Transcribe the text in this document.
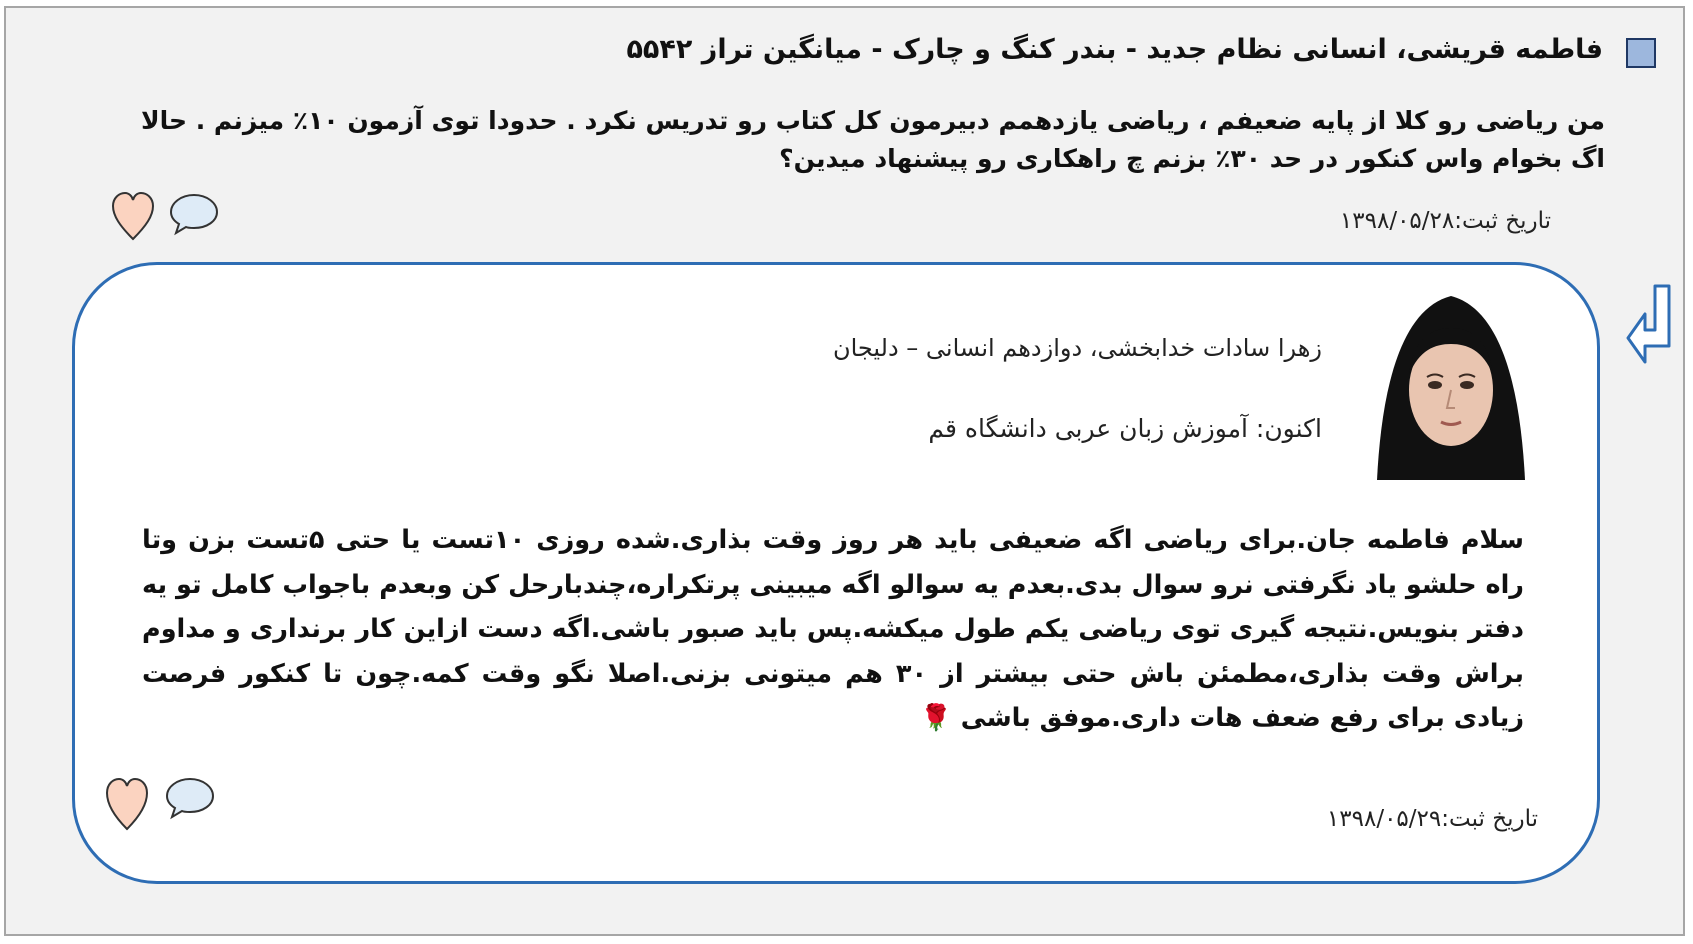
فاطمه قریشی، انسانی نظام جدید - بندر کنگ و چارک - میانگین تراز ۵۵۴۲
من ریاضی رو کلا از پایه ضعیفم ، ریاضی یازدهمم دبیرمون کل کتاب رو تدریس نکرد . حدودا توی آزمون ۱۰٪ میزنم . حالا اگ بخوام واس کنکور در حد ۳۰٪ بزنم چ راهکاری رو پیشنهاد میدین؟
تاریخ ثبت:۱۳۹۸/۰۵/۲۸
زهرا سادات خدابخشی، دوازدهم انسانی – دلیجان
اکنون: آموزش زبان عربی دانشگاه قم
سلام فاطمه جان.برای ریاضی اگه ضعیفی باید هر روز وقت بذاری.شده روزی ۱۰تست یا حتی ۵تست بزن وتا راه حلشو یاد نگرفتی نرو سوال بدی.بعدم یه سوالو اگه میبینی پرتکراره،چندبارحل کن وبعدم باجواب کامل تو یه دفتر بنویس.نتیجه گیری توی ریاضی یکم طول میکشه.پس باید صبور باشی.اگه دست ازاین کار برنداری و مداوم براش وقت بذاری،مطمئن باش حتی بیشتر از ۳۰ هم میتونی بزنی.اصلا نگو وقت کمه.چون تا کنکور فرصت زیادی برای رفع ضعف هات داری.موفق باشی 🌹
تاریخ ثبت:۱۳۹۸/۰۵/۲۹
